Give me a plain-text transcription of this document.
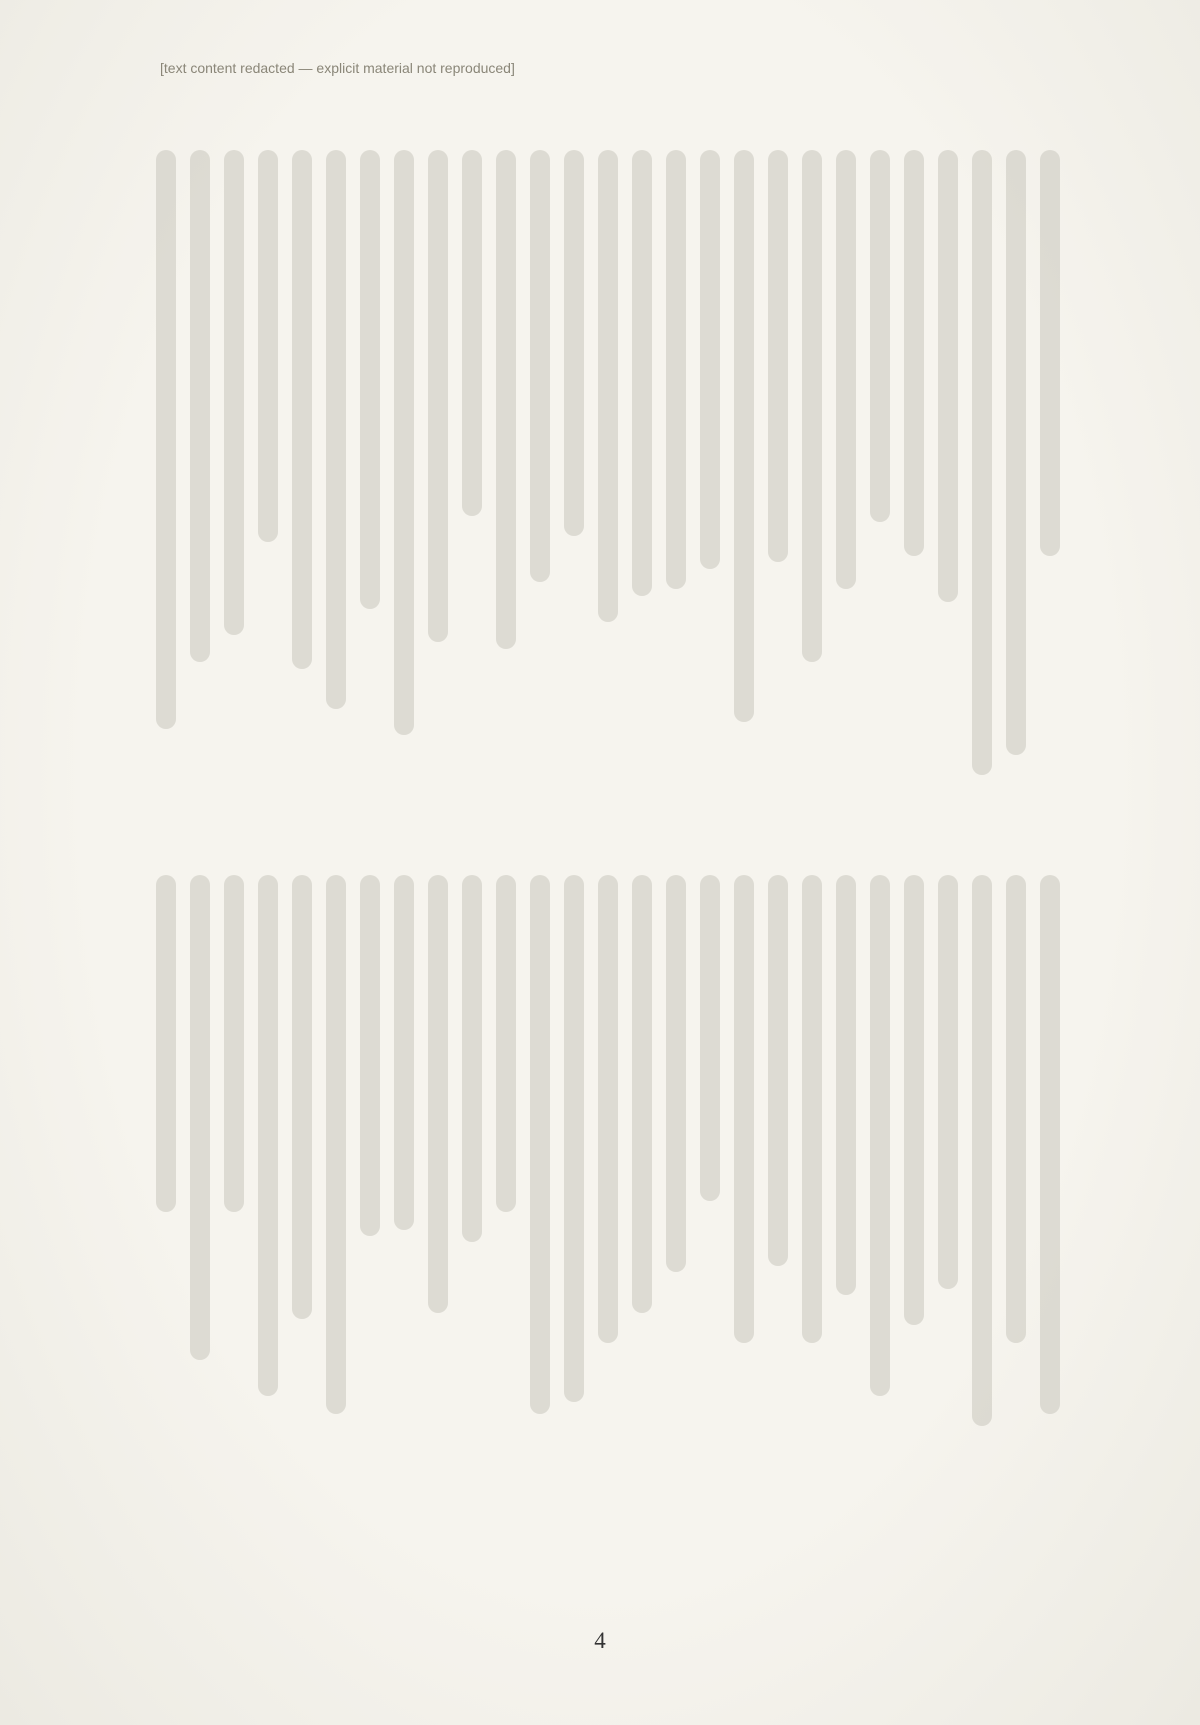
[text content redacted — explicit material not reproduced]
4
